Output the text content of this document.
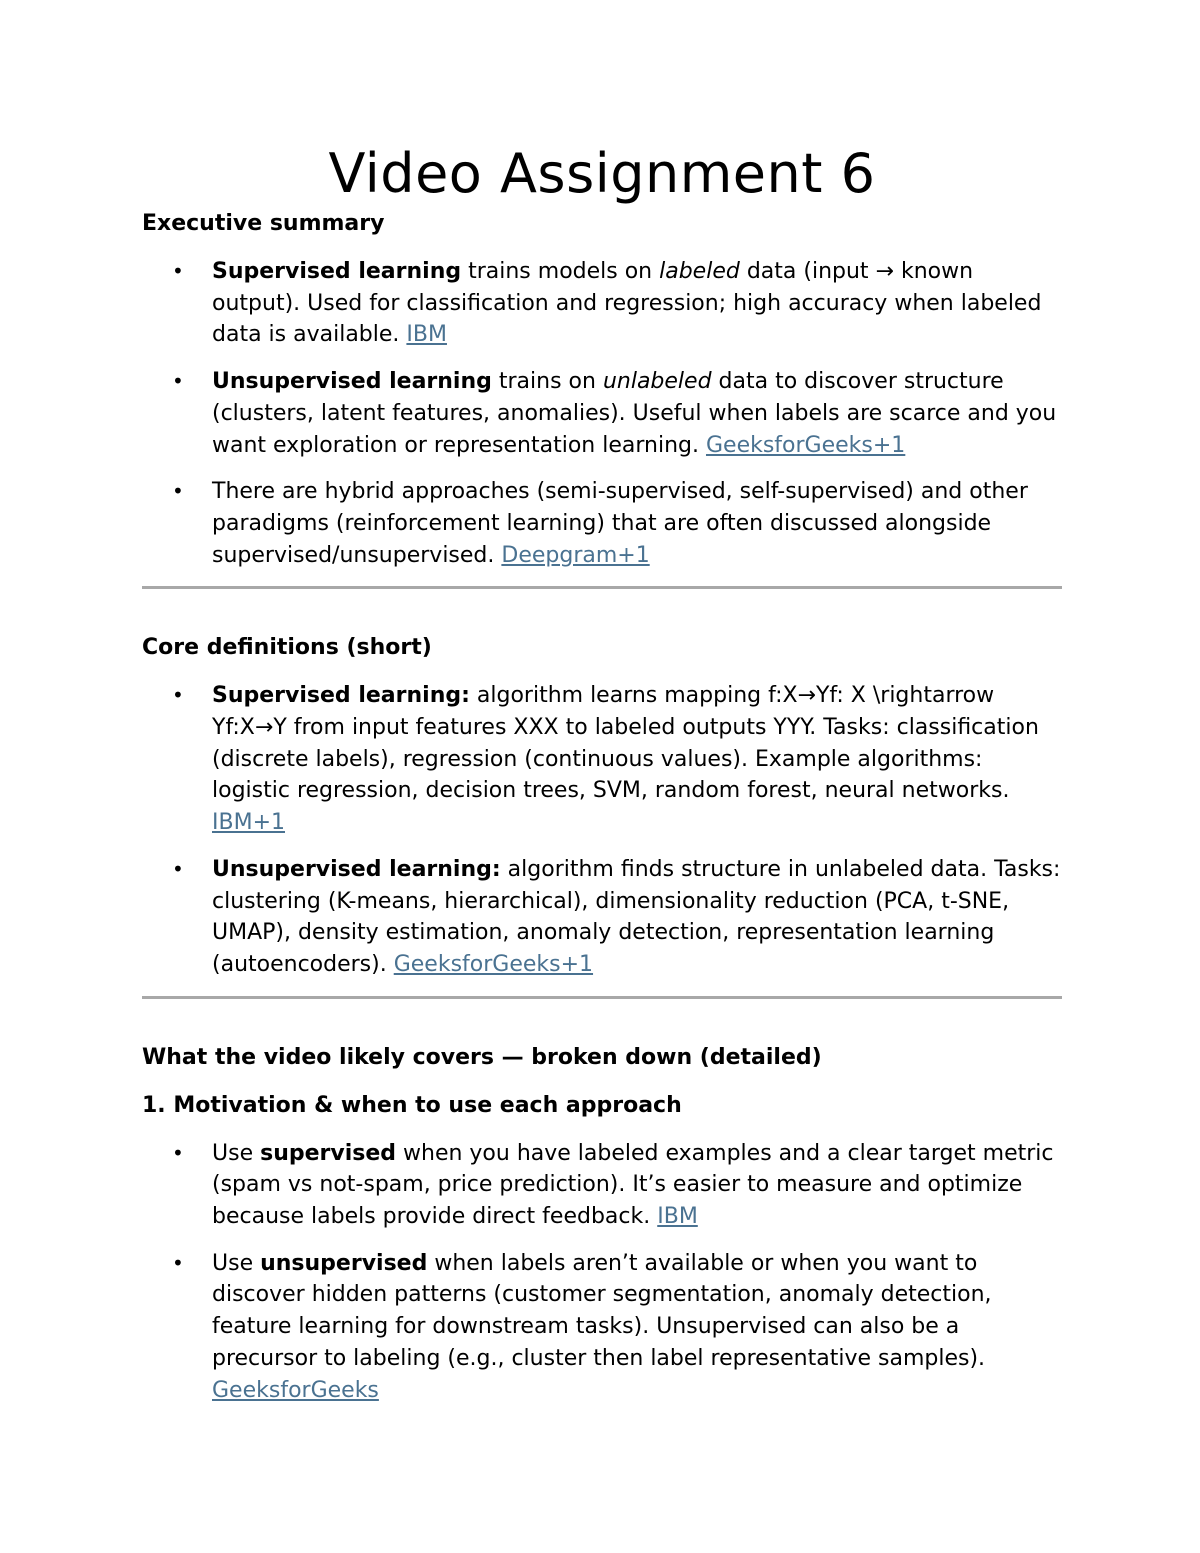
Video Assignment 6
Executive summary
• Supervised learning trains models on labeled data (input → known output). Used for classification and regression; high accuracy when labeled data is available. IBM
• Unsupervised learning trains on unlabeled data to discover structure (clusters, latent features, anomalies). Useful when labels are scarce and you want exploration or representation learning. GeeksforGeeks+1
• There are hybrid approaches (semi-supervised, self-supervised) and other paradigms (reinforcement learning) that are often discussed alongside supervised/unsupervised. Deepgram+1
Core definitions (short)
• Supervised learning: algorithm learns mapping f:X→Yf: X \rightarrow Yf:X→Y from input features XXX to labeled outputs YYY. Tasks: classification (discrete labels), regression (continuous values). Example algorithms: logistic regression, decision trees, SVM, random forest, neural networks. IBM+1
• Unsupervised learning: algorithm finds structure in unlabeled data. Tasks: clustering (K-means, hierarchical), dimensionality reduction (PCA, t-SNE, UMAP), density estimation, anomaly detection, representation learning (autoencoders). GeeksforGeeks+1
What the video likely covers — broken down (detailed)
1. Motivation & when to use each approach
• Use supervised when you have labeled examples and a clear target metric (spam vs not-spam, price prediction). It’s easier to measure and optimize because labels provide direct feedback. IBM
• Use unsupervised when labels aren’t available or when you want to discover hidden patterns (customer segmentation, anomaly detection, feature learning for downstream tasks). Unsupervised can also be a precursor to labeling (e.g., cluster then label representative samples). GeeksforGeeks
